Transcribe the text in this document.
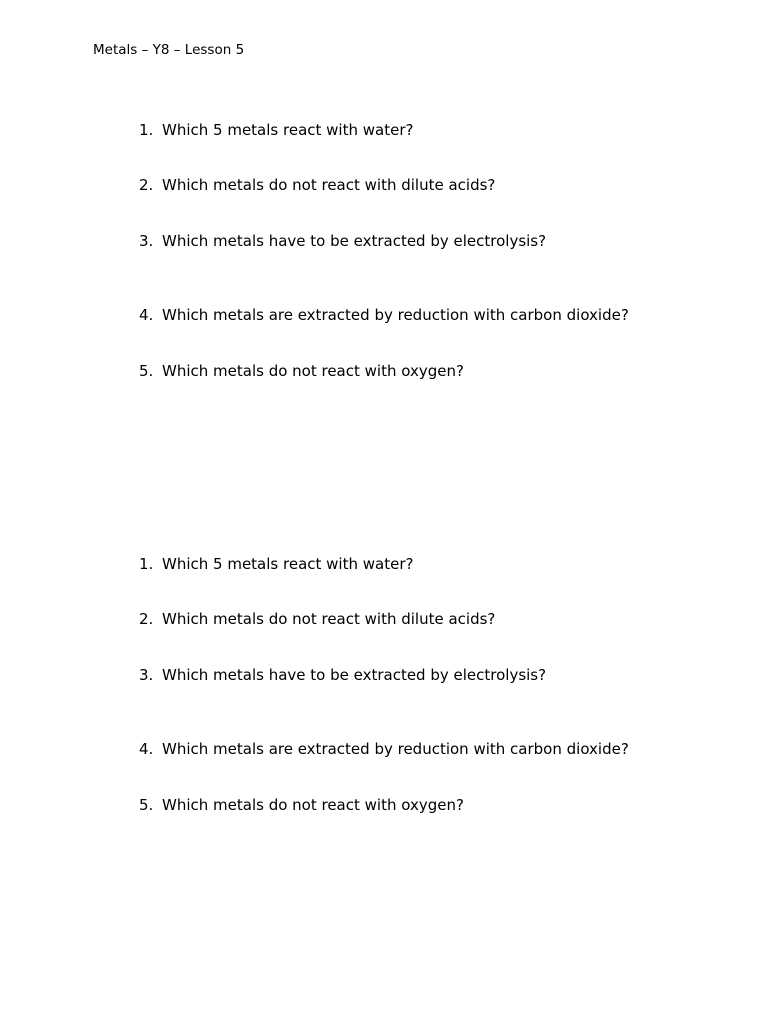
Metals – Y8 – Lesson 5
1. Which 5 metals react with water?
2. Which metals do not react with dilute acids?
3. Which metals have to be extracted by electrolysis?
4. Which metals are extracted by reduction with carbon dioxide?
5. Which metals do not react with oxygen?
1. Which 5 metals react with water?
2. Which metals do not react with dilute acids?
3. Which metals have to be extracted by electrolysis?
4. Which metals are extracted by reduction with carbon dioxide?
5. Which metals do not react with oxygen?
